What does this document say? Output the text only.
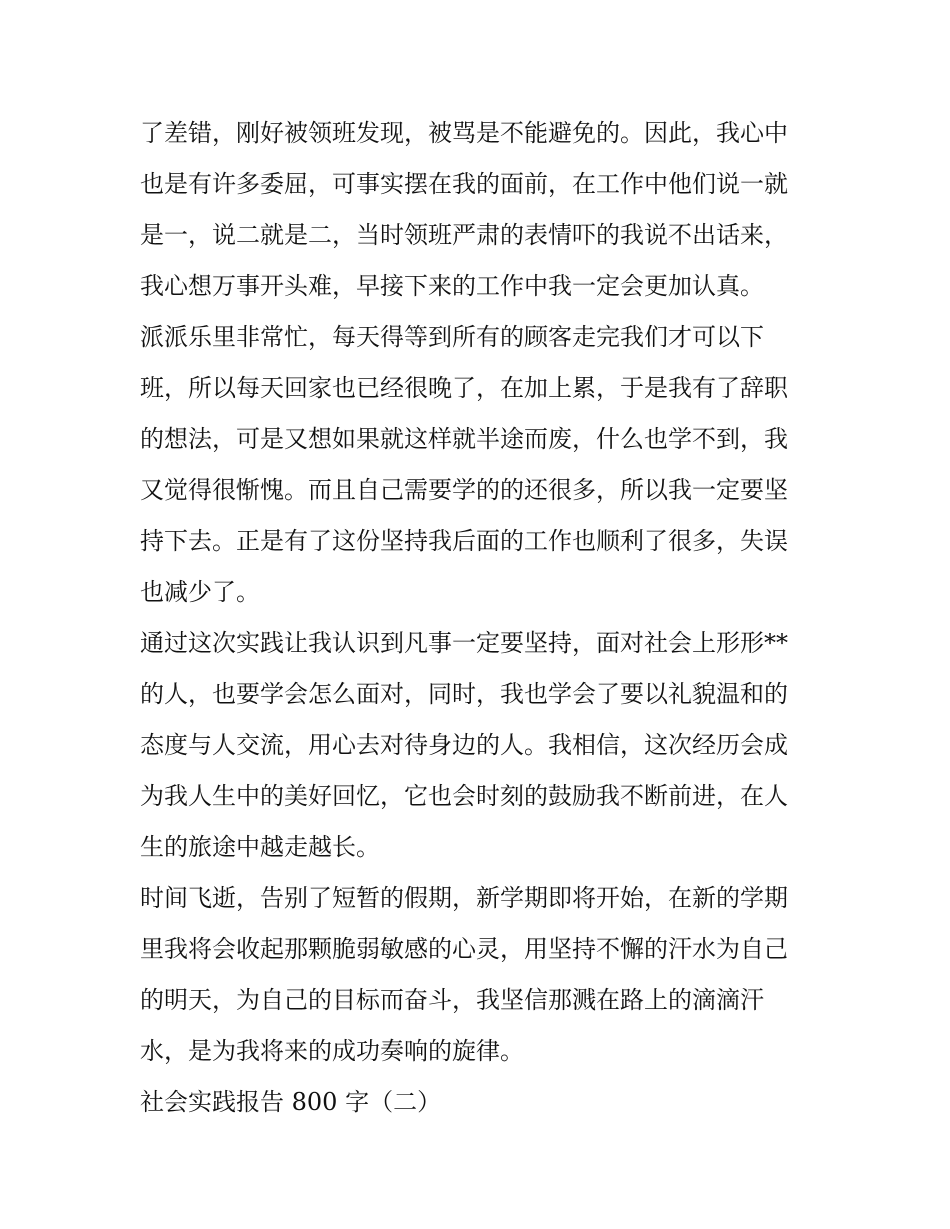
了差错，刚好被领班发现，被骂是不能避免的。因此，我心中
也是有许多委屈，可事实摆在我的面前，在工作中他们说一就
是一，说二就是二，当时领班严肃的表情吓的我说不出话来，
我心想万事开头难，早接下来的工作中我一定会更加认真。
派派乐里非常忙，每天得等到所有的顾客走完我们才可以下
班，所以每天回家也已经很晚了，在加上累，于是我有了辞职
的想法，可是又想如果就这样就半途而废，什么也学不到，我
又觉得很惭愧。而且自己需要学的的还很多，所以我一定要坚
持下去。正是有了这份坚持我后面的工作也顺利了很多，失误
也减少了。
通过这次实践让我认识到凡事一定要坚持，面对社会上形形**
的人，也要学会怎么面对，同时，我也学会了要以礼貌温和的
态度与人交流，用心去对待身边的人。我相信，这次经历会成
为我人生中的美好回忆，它也会时刻的鼓励我不断前进，在人
生的旅途中越走越长。
时间飞逝，告别了短暂的假期，新学期即将开始，在新的学期
里我将会收起那颗脆弱敏感的心灵，用坚持不懈的汗水为自己
的明天，为自己的目标而奋斗，我坚信那溅在路上的滴滴汗
水，是为我将来的成功奏响的旋律。
社会实践报告 800 字（二）
